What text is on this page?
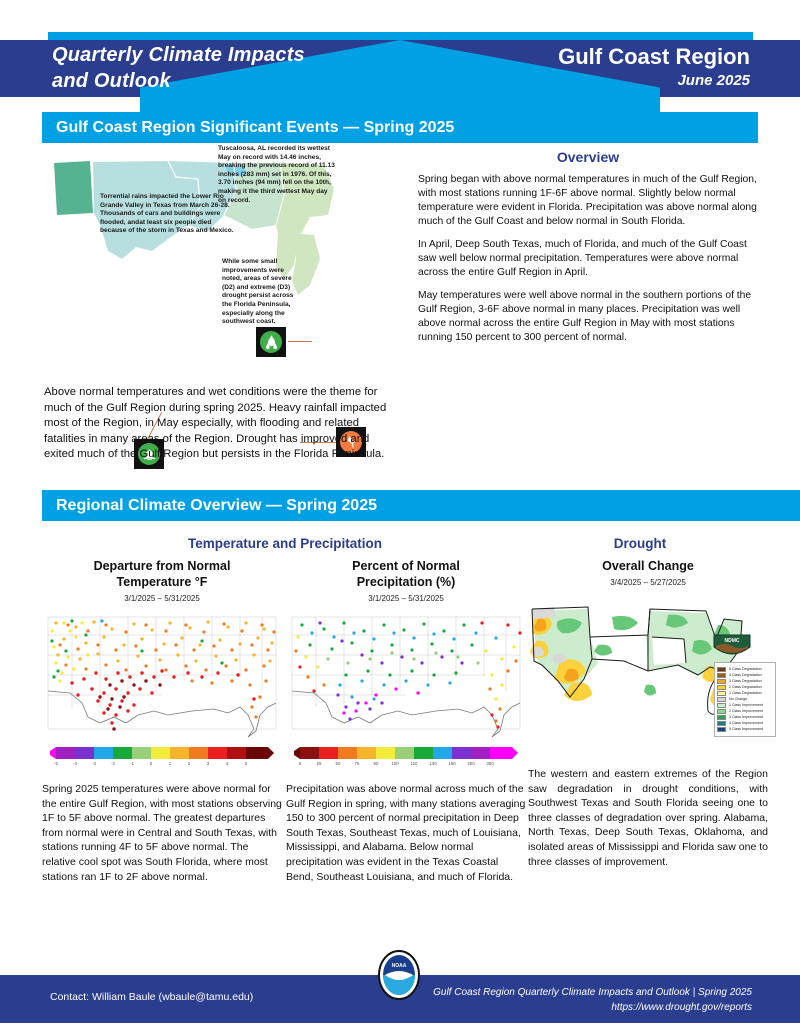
Quarterly Climate Impacts
and Outlook
Gulf Coast Region
June 2025
Gulf Coast Region Significant Events — Spring 2025
Torrential rains impacted the Lower Rio Grande Valley in Texas from March 26-28. Thousands of cars and buildings were flooded, andat least six people died because of the storm in Texas and Mexico.
Tuscaloosa, AL recorded its wettest May on record with 14.46 inches, breaking the previous record of 11.13 inches (283 mm) set in 1976. Of this, 3.70 inches (94 mm) fell on the 10th, making it the third wettest May day on record.
While some small improvements were noted, areas of severe (D2) and extreme (D3) drought persist across the Florida Peninsula, especially along the southwest coast.
Overview

Spring began with above normal temperatures in much of the Gulf Region, with most stations running 1F-6F above normal. Slightly below normal temperature were evident in Florida. Precipitation was above normal along much of the Gulf Coast and below normal in South Florida.

In April, Deep South Texas, much of Florida, and much of the Gulf Coast saw well below normal precipitation. Temperatures were above normal across the entire Gulf Region in April.

May temperatures were well above normal in the southern portions of the Gulf Region, 3-6F above normal in many places. Precipitation was well above normal across the entire Gulf Region in May with most stations running 150 percent to 300 percent of normal.

Above normal temperatures and wet conditions were the theme for much of the Gulf Region during spring 2025. Heavy rainfall impacted most of the Region, in May especially, with flooding and related fatalities in many areas of the Region. Drought has improved and exited much of the Gulf Region but persists in the Florida Peninsula.
Regional Climate Overview — Spring 2025
Temperature and Precipitation	Drought
Departure from Normal
Temperature °F
3/1/2025 – 5/31/2025
-5	-4	-3	-2	-1	0	1	2	3	4	5
Spring 2025 temperatures were above normal for the entire Gulf Region, with most stations observing 1F to 5F above normal. The greatest departures from normal were in Central and South Texas, with stations running 4F to 5F above normal. The relative cool spot was South Florida, where most stations ran 1F to 2F above normal.
Percent of Normal
Precipitation (%)
3/1/2025 – 5/31/2025
5	25	50	75	90	100	110	130	150	200	300
Precipitation was above normal across much of the Gulf Region in spring, with many stations averaging 150 to 300 percent of normal precipitation in Deep South Texas, Southeast Texas, much of Louisiana, Mississippi, and Alabama. Below normal precipitation was evident in the Texas Coastal Bend, Southeast Louisiana, and much of Florida.
Overall Change
3/4/2025 – 5/27/2025
The western and eastern extremes of the Region saw degradation in drought conditions, with Southwest Texas and South Florida seeing one to three classes of degradation over spring. Alabama, North Texas, Deep South Texas, Oklahoma, and isolated areas of Mississippi and Florida saw one to three classes of improvement.
NDMC
5 Class Degradation
4 Class Degradation
3 Class Degradation
2 Class Degradation
1 Class Degradation
No Change
1 Class Improvement
2 Class Improvement
3 Class Improvement
4 Class Improvement
5 Class Improvement
Contact: William Baule (wbaule@tamu.edu)	Gulf Coast Region Quarterly Climate Impacts and Outlook | Spring 2025
https://www.drought.gov/reports
NOAA
